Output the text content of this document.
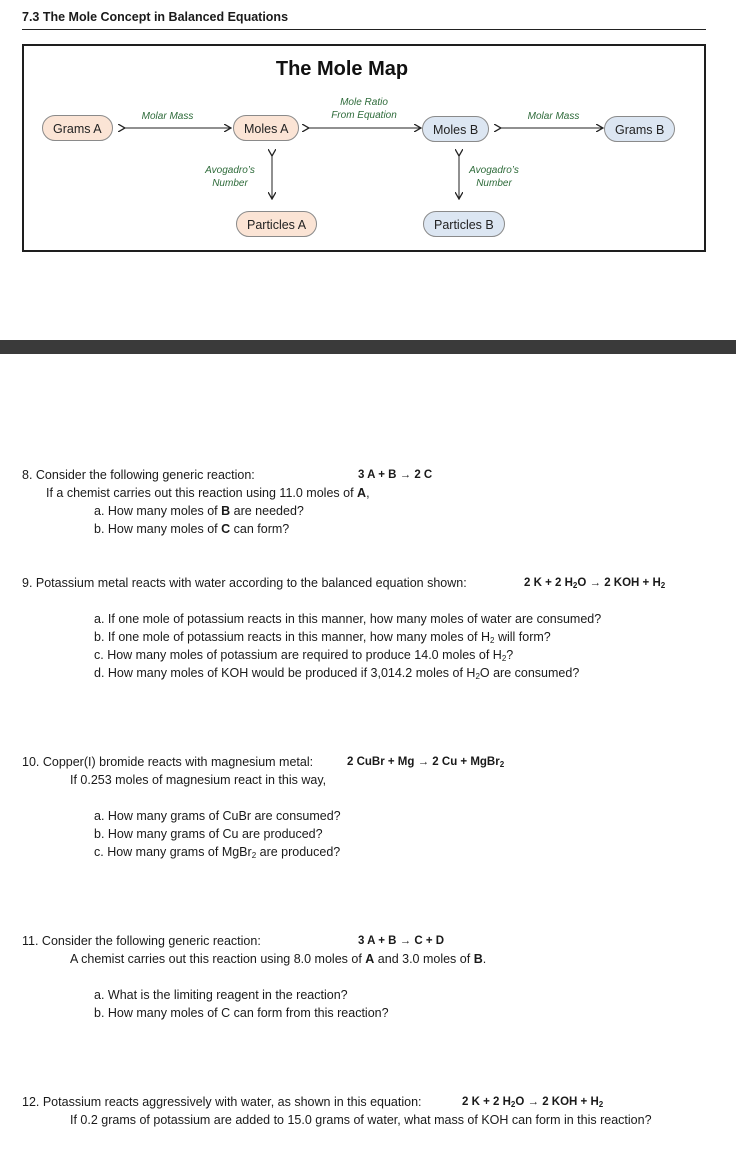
7.3 The Mole Concept in Balanced Equations
The Mole Map
Grams A	Moles A	Moles B	Grams B
Particles A	Particles B
Molar Mass
Mole Ratio
From Equation	Molar Mass
Avogadro’s
Number
Avogadro’s
Number
8. Consider the following generic reaction:	3 A + B → 2 C
If a chemist carries out this reaction using 11.0 moles of A,
a. How many moles of B are needed?
b. How many moles of C can form?
9. Potassium metal reacts with water according to the balanced equation shown:	2 K + 2 $H_2O \to 2$ KOH + $H_2$
a. If one mole of potassium reacts in this manner, how many moles of water are consumed?
b. If one mole of potassium reacts in this manner, how many moles of $H_2$ will form?
c. How many moles of potassium are required to produce 14.0 moles of $H_2$?
d. How many moles of KOH would be produced if 3,014.2 moles of $H_2O$ are consumed?
10. Copper(I) bromide reacts with magnesium metal:	2 CuBr + Mg → 2 Cu + MgBr$_2$
If 0.253 moles of magnesium react in this way,
a. How many grams of CuBr are consumed?
b. How many grams of Cu are produced?
c. How many grams of MgBr$_2$ are produced?
11. Consider the following generic reaction:	3 A + B → C + D
A chemist carries out this reaction using 8.0 moles of A and 3.0 moles of B.
a. What is the limiting reagent in the reaction?
b. How many moles of C can form from this reaction?
12. Potassium reacts aggressively with water, as shown in this equation:	2 K + 2 $H_2O \to 2$ KOH + $H_2$
If 0.2 grams of potassium are added to 15.0 grams of water, what mass of KOH can form in this reaction?
